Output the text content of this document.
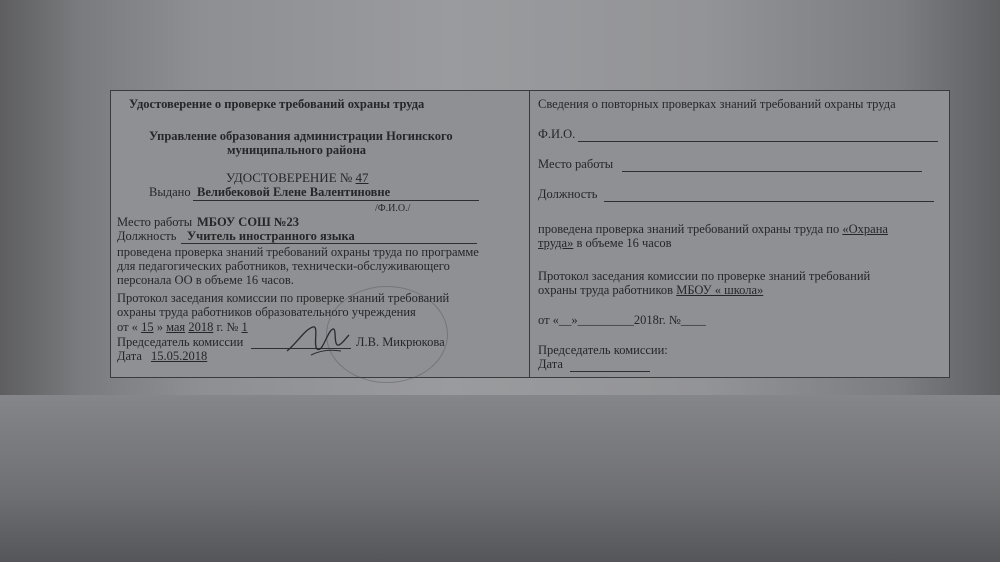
Удостоверение о проверке требований охраны труда
Управление образования администрации Ногинского
муниципального района
УДОСТОВЕРЕНИЕ № 47
Выдано Велибековой Елене Валентиновне
/Ф.И.О./
Место работы МБОУ СОШ №23
Должность Учитель иностранного языка
проведена проверка знаний требований охраны труда по программе
для педагогических работников, технически-обслуживающего
персонала ОО в объеме 16 часов.
Протокол заседания комиссии по проверке знаний требований
охраны труда работников образовательного учреждения
от « 15 » мая 2018 г. № 1
Председатель комиссии	Л.В. Микрюкова
Дата 15.05.2018
Сведения о повторных проверках знаний требований охраны труда
Ф.И.О.
Место работы
Должность
проведена проверка знаний требований охраны труда по «Охрана
труда» в объеме 16 часов
Протокол заседания комиссии по проверке знаний требований
охраны труда работников МБОУ « школа»
от «__»_________2018г. №____
Председатель комиссии:
Дата
